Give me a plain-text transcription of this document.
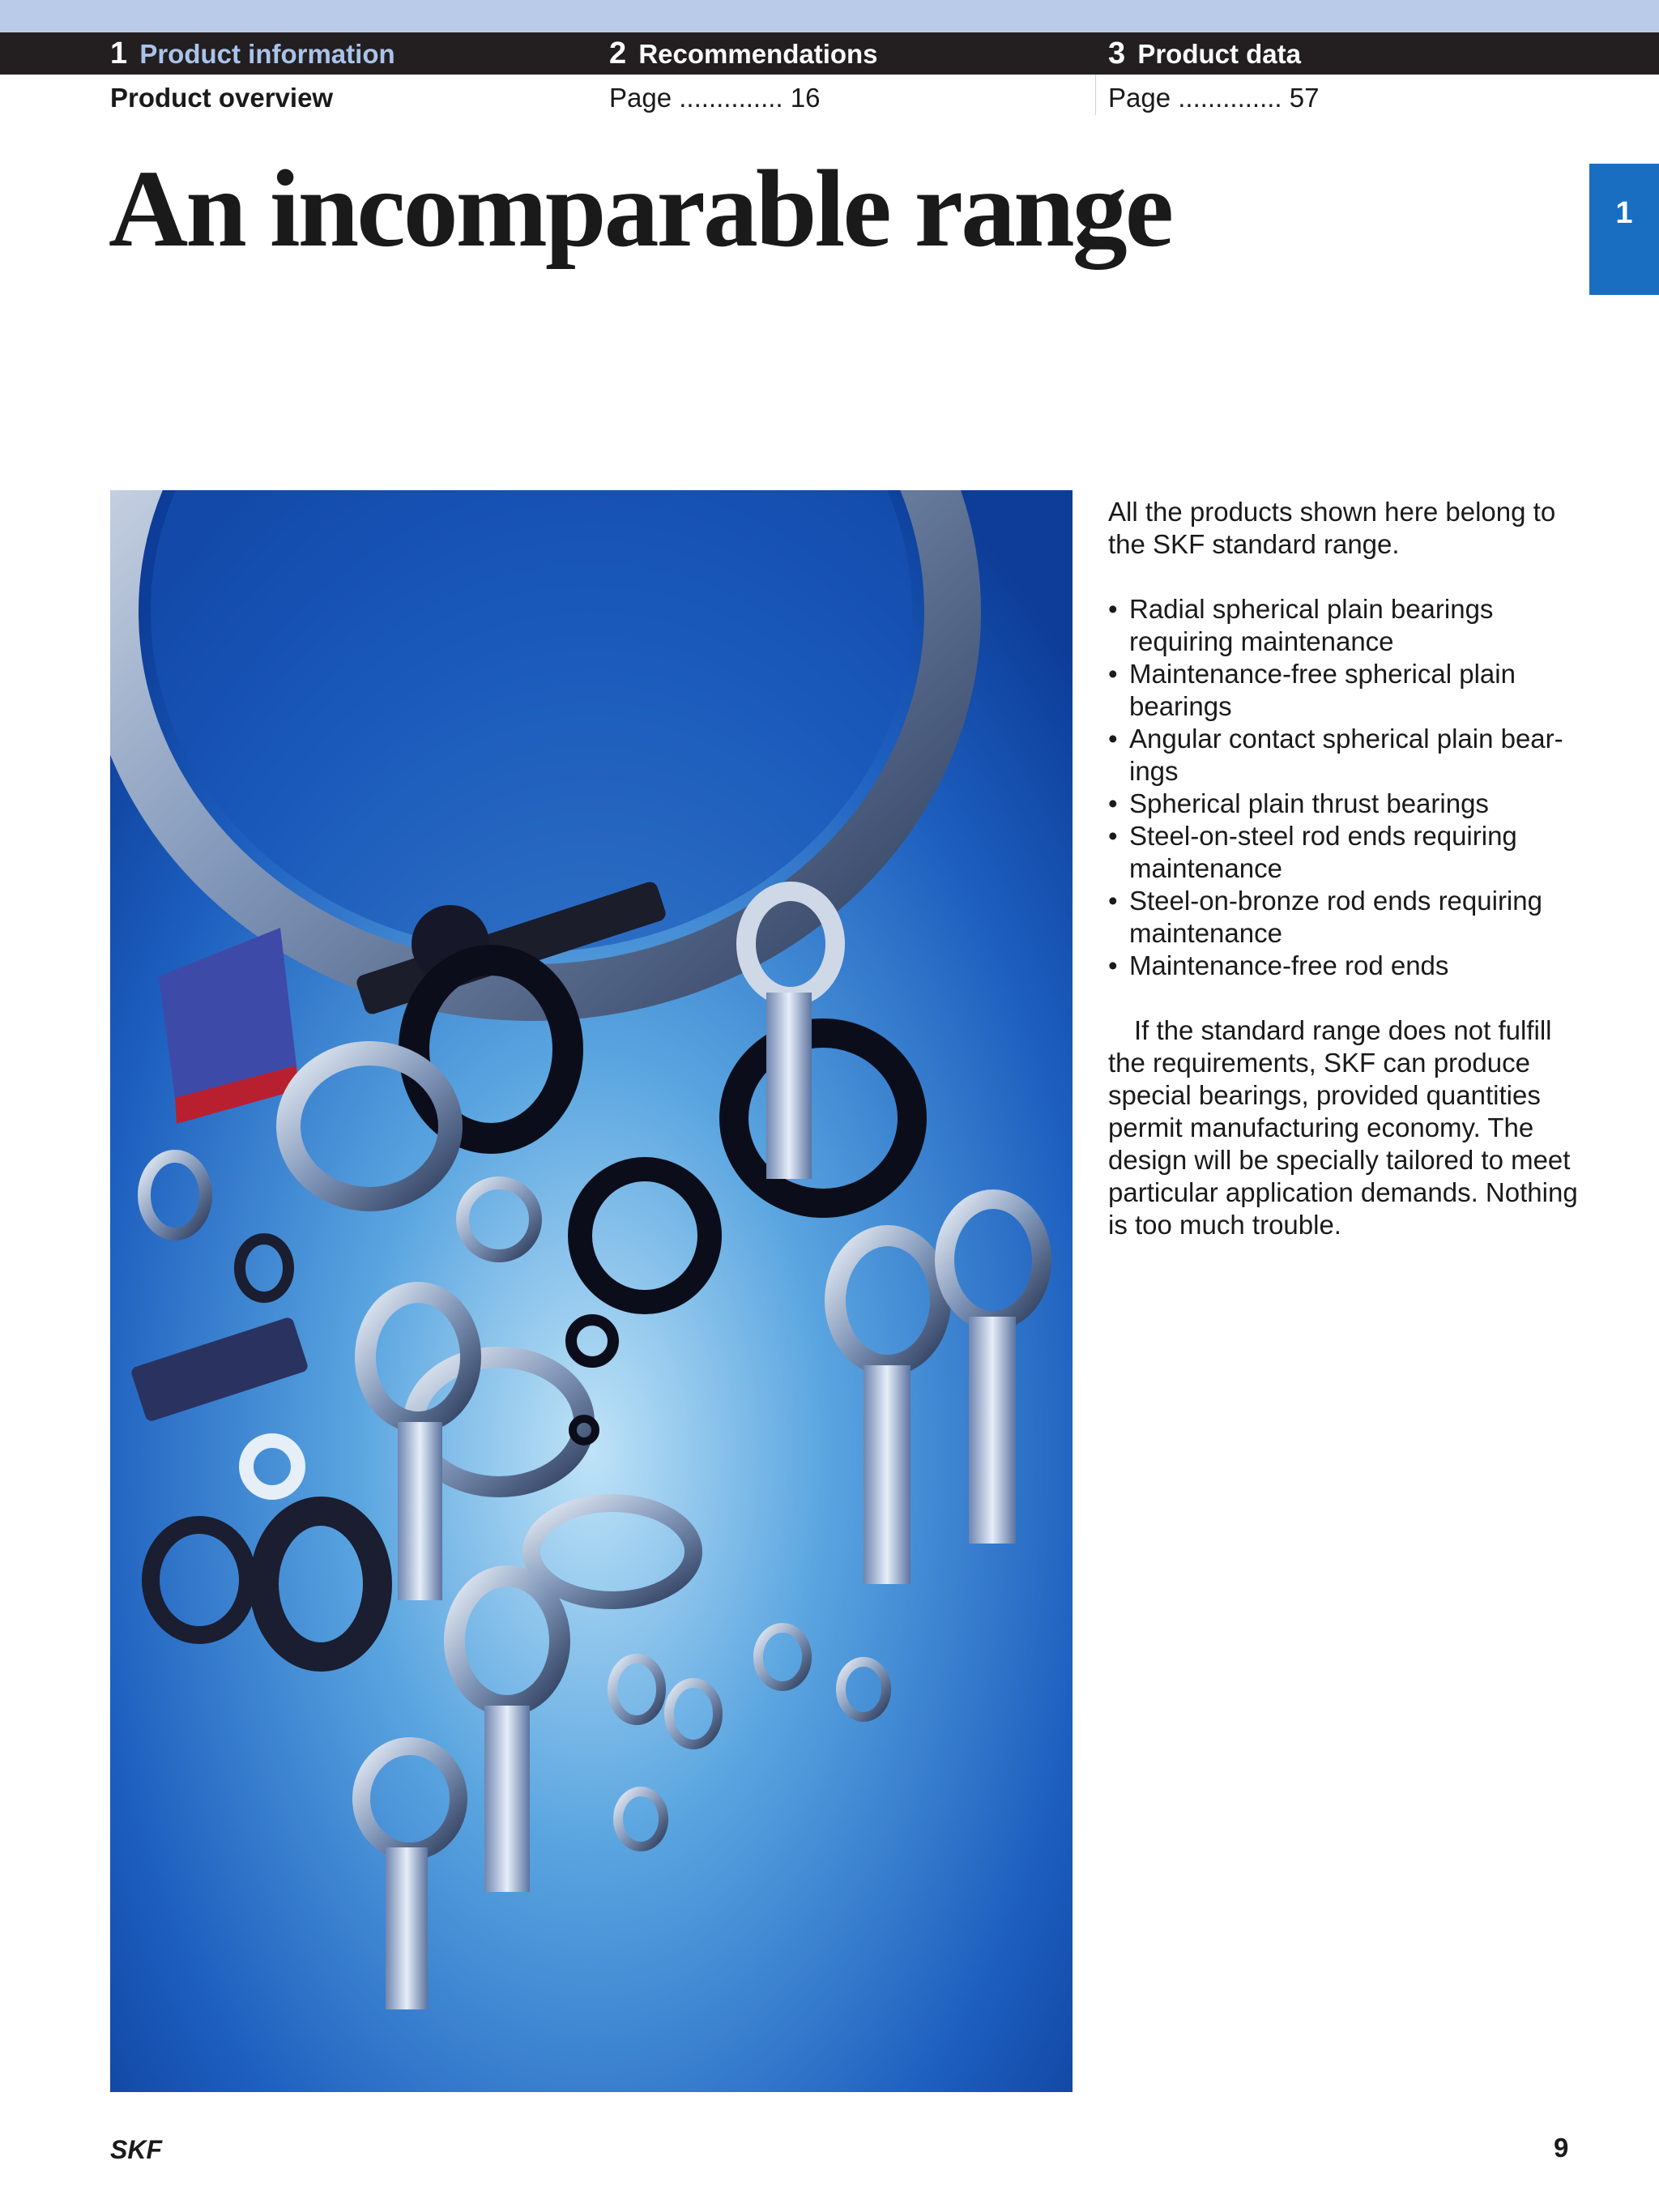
1 Product information	2 Recommendations	3 Product data
Product overview	Page .............. 16	Page .............. 57
An incomparable range	1

All the products shown here belong to the SKF standard range.

• Radial spherical plain bearings requiring maintenance
• Maintenance-free spherical plain bearings
• Angular contact spherical plain bear- ings
• Spherical plain thrust bearings
• Steel-on-steel rod ends requiring maintenance
• Steel-on-bronze rod ends requiring maintenance
• Maintenance-free rod ends

If the standard range does not fulfill the requirements, SKF can produce special bearings, provided quantities permit manufacturing economy. The design will be specially tailored to meet particular application demands. Nothing is too much trouble.

SKF	9
